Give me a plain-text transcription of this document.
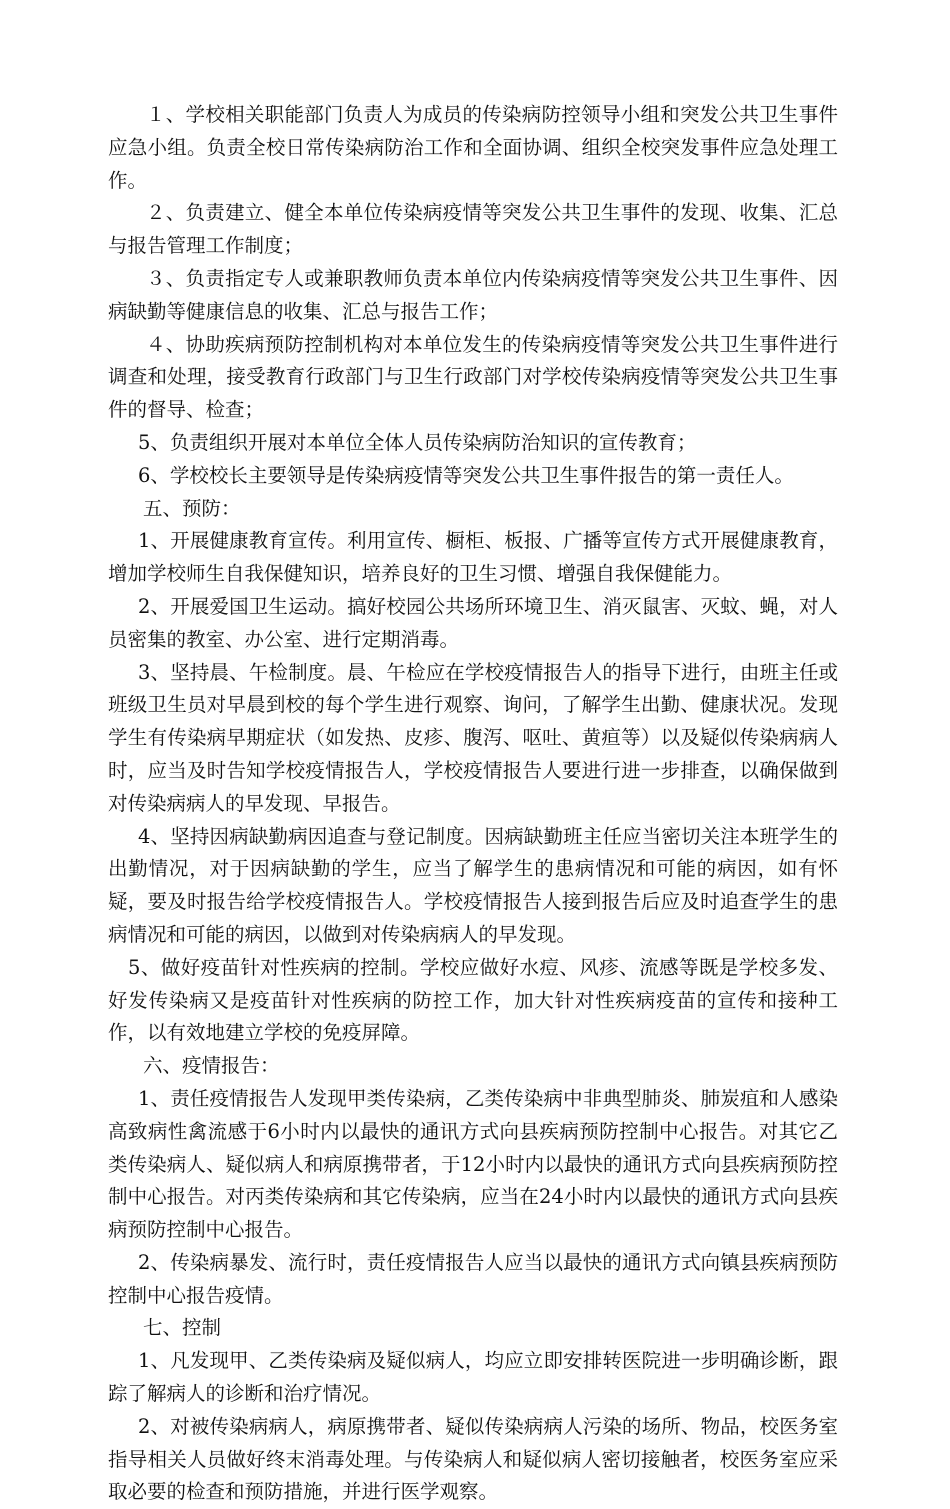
１、学校相关职能部门负责人为成员的传染病防控领导小组和突发公共卫生事件应急小组。负责全校日常传染病防治工作和全面协调、组织全校突发事件应急处理工作。

２、负责建立、健全本单位传染病疫情等突发公共卫生事件的发现、收集、汇总与报告管理工作制度；

３、负责指定专人或兼职教师负责本单位内传染病疫情等突发公共卫生事件、因病缺勤等健康信息的收集、汇总与报告工作；

４、协助疾病预防控制机构对本单位发生的传染病疫情等突发公共卫生事件进行调查和处理，接受教育行政部门与卫生行政部门对学校传染病疫情等突发公共卫生事件的督导、检查；

5、负责组织开展对本单位全体人员传染病防治知识的宣传教育；

6、学校校长主要领导是传染病疫情等突发公共卫生事件报告的第一责任人。

五、预防：

1、开展健康教育宣传。利用宣传、橱柜、板报、广播等宣传方式开展健康教育，增加学校师生自我保健知识，培养良好的卫生习惯、增强自我保健能力。

2、开展爱国卫生运动。搞好校园公共场所环境卫生、消灭鼠害、灭蚊、蝇，对人员密集的教室、办公室、进行定期消毒。

3、坚持晨、午检制度。晨、午检应在学校疫情报告人的指导下进行，由班主任或班级卫生员对早晨到校的每个学生进行观察、询问，了解学生出勤、健康状况。发现学生有传染病早期症状（如发热、皮疹、腹泻、呕吐、黄疸等）以及疑似传染病病人时，应当及时告知学校疫情报告人，学校疫情报告人要进行进一步排查，以确保做到对传染病病人的早发现、早报告。

4、坚持因病缺勤病因追查与登记制度。因病缺勤班主任应当密切关注本班学生的出勤情况，对于因病缺勤的学生，应当了解学生的患病情况和可能的病因，如有怀疑，要及时报告给学校疫情报告人。学校疫情报告人接到报告后应及时追查学生的患病情况和可能的病因，以做到对传染病病人的早发现。

5、做好疫苗针对性疾病的控制。学校应做好水痘、风疹、流感等既是学校多发、好发传染病又是疫苗针对性疾病的防控工作，加大针对性疾病疫苗的宣传和接种工作，以有效地建立学校的免疫屏障。

六、疫情报告：

1、责任疫情报告人发现甲类传染病，乙类传染病中非典型肺炎、肺炭疽和人感染高致病性禽流感于6小时内以最快的通讯方式向县疾病预防控制中心报告。对其它乙类传染病人、疑似病人和病原携带者，于12小时内以最快的通讯方式向县疾病预防控制中心报告。对丙类传染病和其它传染病，应当在24小时内以最快的通讯方式向县疾病预防控制中心报告。

2、传染病暴发、流行时，责任疫情报告人应当以最快的通讯方式向镇县疾病预防控制中心报告疫情。

七、控制

1、凡发现甲、乙类传染病及疑似病人，均应立即安排转医院进一步明确诊断，跟踪了解病人的诊断和治疗情况。

2、对被传染病病人，病原携带者、疑似传染病病人污染的场所、物品，校医务室指导相关人员做好终末消毒处理。与传染病人和疑似病人密切接触者，校医务室应采取必要的检查和预防措施，并进行医学观察。
